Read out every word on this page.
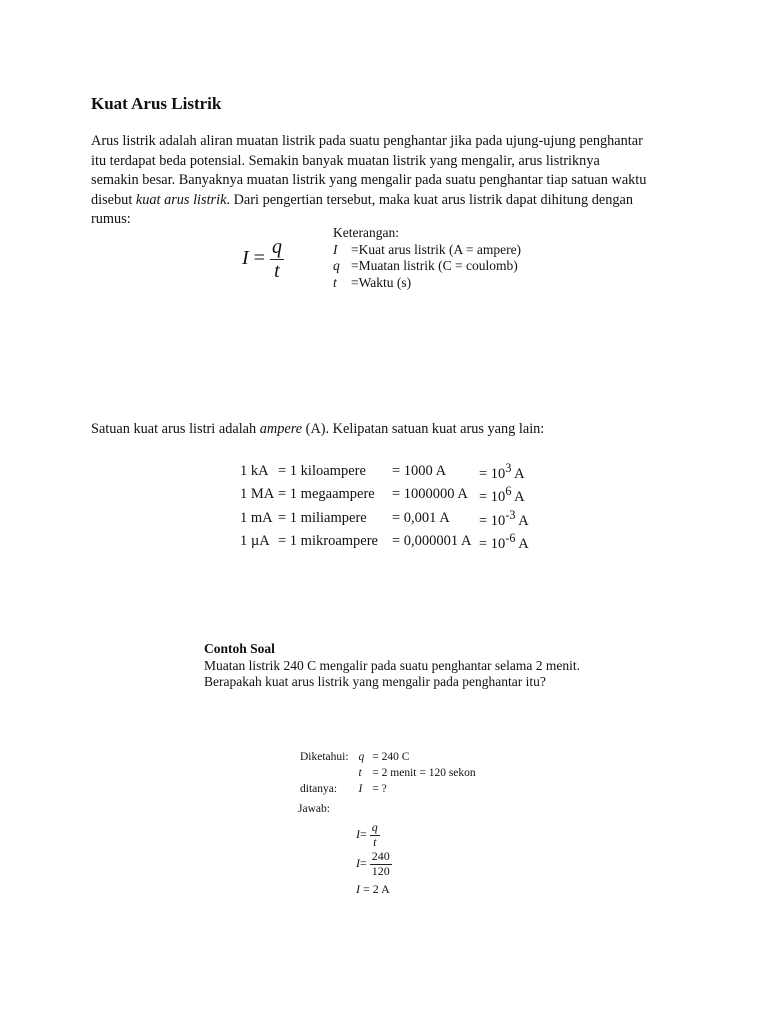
Kuat Arus Listrik
Arus listrik adalah aliran muatan listrik pada suatu penghantar jika pada ujung-ujung penghantar
itu terdapat beda potensial. Semakin banyak muatan listrik yang mengalir, arus listriknya
semakin besar. Banyaknya muatan listrik yang mengalir pada suatu penghantar tiap satuan waktu
disebut kuat arus listrik. Dari pengertian tersebut, maka kuat arus listrik dapat dihitung dengan
rumus:
$I = \frac{q}{t}$
Keterangan:
I =Kuat arus listrik (A = ampere)
q =Muatan listrik (C = coulomb)
t =Waktu (s)
Satuan kuat arus listri adalah ampere (A). Kelipatan satuan kuat arus yang lain:
1 kA	= 1 kiloampere	= 1000 A	= $10^3$ A
1 MA	= 1 megaampere	= 1000000 A	= $10^6$ A
1 mA	= 1 miliampere	= 0,001 A	= $10^{-3}$ A
1 µA	= 1 mikroampere	= 0,000001 A	= $10^{-6}$ A
Contoh Soal
Muatan listrik 240 C mengalir pada suatu penghantar selama 2 menit.
Berapakah kuat arus listrik yang mengalir pada penghantar itu?
Diketahui:	q	= 240 C
	t	= 2 menit = 120 sekon
ditanya:	I	= ?
Jawab:
$I= \frac{q}{t}$
$I= \frac{240}{120}$
I = 2 A
